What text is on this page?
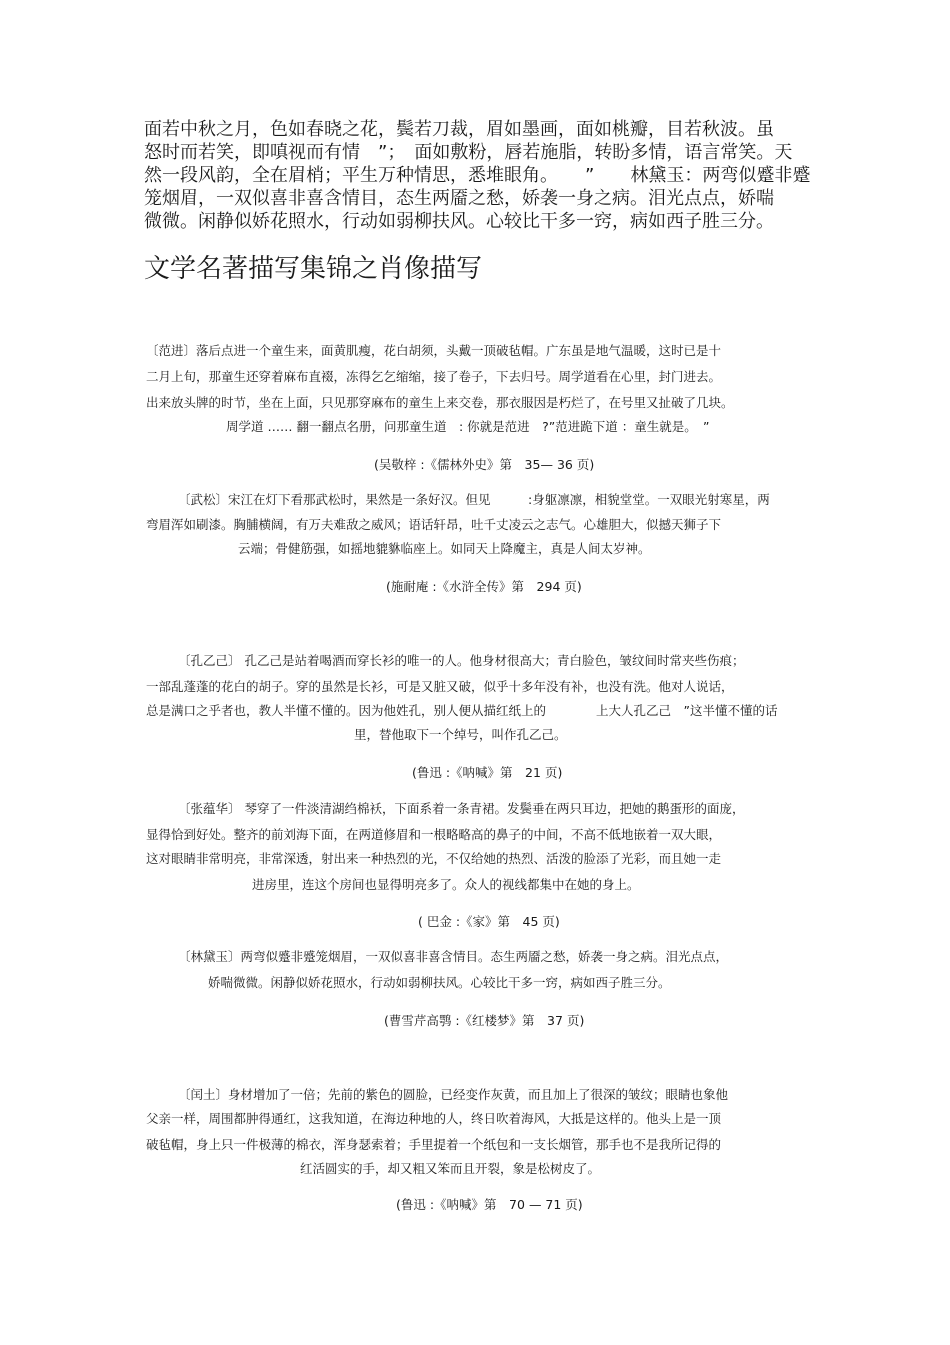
面若中秋之月，色如春晓之花，鬓若刀裁，眉如墨画，面如桃瓣，目若秋波。虽
怒时而若笑，即嗔视而有情　”；　面如敷粉，唇若施脂，转盼多情，语言常笑。天
然一段风韵，全在眉梢；平生万种情思，悉堆眼角。　　”　　林黛玉：两弯似蹙非蹙
笼烟眉，一双似喜非喜含情目，态生两靥之愁，娇袭一身之病。泪光点点，娇喘
微微。闲静似娇花照水，行动如弱柳扶风。心较比干多一窍，病如西子胜三分。
文学名著描写集锦之肖像描写
〔范进〕落后点进一个童生来，面黄肌瘦，花白胡须，头戴一顶破毡帽。广东虽是地气温暖，这时已是十
二月上旬，那童生还穿着麻布直裰，冻得乞乞缩缩，接了卷子，下去归号。周学道看在心里，封门进去。
出来放头牌的时节，坐在上面，只见那穿麻布的童生上来交卷，那衣服因是朽烂了，在号里又扯破了几块。
周学道 …… 翻一翻点名册，问那童生道　: 你就是范进　?”范进跪下道 ：童生就是。　”
(吴敬梓 :《儒林外史》第　35— 36 页)
〔武松〕宋江在灯下看那武松时，果然是一条好汉。但见　　　:身躯凛凛，相貌堂堂。一双眼光射寒星，两
弯眉浑如刷漆。胸脯横阔，有万夫难敌之威风；语话轩昂，吐千丈凌云之志气。心雄胆大，似撼天狮子下
云端；骨健筋强，如摇地貔貅临座上。如同天上降魔主，真是人间太岁神。
(施耐庵 :《水浒全传》第　294 页)
〔孔乙己〕 孔乙己是站着喝酒而穿长衫的唯一的人。他身材很高大；青白脸色，皱纹间时常夹些伤痕；
一部乱蓬蓬的花白的胡子。穿的虽然是长衫，可是又脏又破，似乎十多年没有补，也没有洗。他对人说话，
总是满口之乎者也，教人半懂不懂的。因为他姓孔，别人便从描红纸上的　　　　上大人孔乙己　”这半懂不懂的话
里，替他取下一个绰号，叫作孔乙己。
(鲁迅 :《呐喊》第　21 页)
〔张蕴华〕 琴穿了一件淡清湖绉棉袄，下面系着一条青裙。发鬓垂在两只耳边，把她的鹅蛋形的面庞，
显得恰到好处。整齐的前刘海下面，在两道修眉和一根略略高的鼻子的中间，不高不低地嵌着一双大眼，
这对眼睛非常明亮，非常深透，射出来一种热烈的光，不仅给她的热烈、活泼的脸添了光彩，而且她一走
进房里，连这个房间也显得明亮多了。众人的视线都集中在她的身上。
( 巴金 :《家》第　45 页)
〔林黛玉〕两弯似蹙非蹙笼烟眉，一双似喜非喜含情目。态生两靥之愁，娇袭一身之病。泪光点点，
娇喘微微。闲静似娇花照水，行动如弱柳扶风。心较比干多一窍，病如西子胜三分。
(曹雪芹高鹗 :《红楼梦》第　37 页)
〔闰土〕身材增加了一倍；先前的紫色的圆脸，已经变作灰黄，而且加上了很深的皱纹；眼睛也象他
父亲一样，周围都肿得通红，这我知道，在海边种地的人，终日吹着海风，大抵是这样的。他头上是一顶
破毡帽，身上只一件极薄的棉衣，浑身瑟索着；手里提着一个纸包和一支长烟管，那手也不是我所记得的
红活圆实的手，却又粗又笨而且开裂，象是松树皮了。
(鲁迅 :《呐喊》第　70 — 71 页)
